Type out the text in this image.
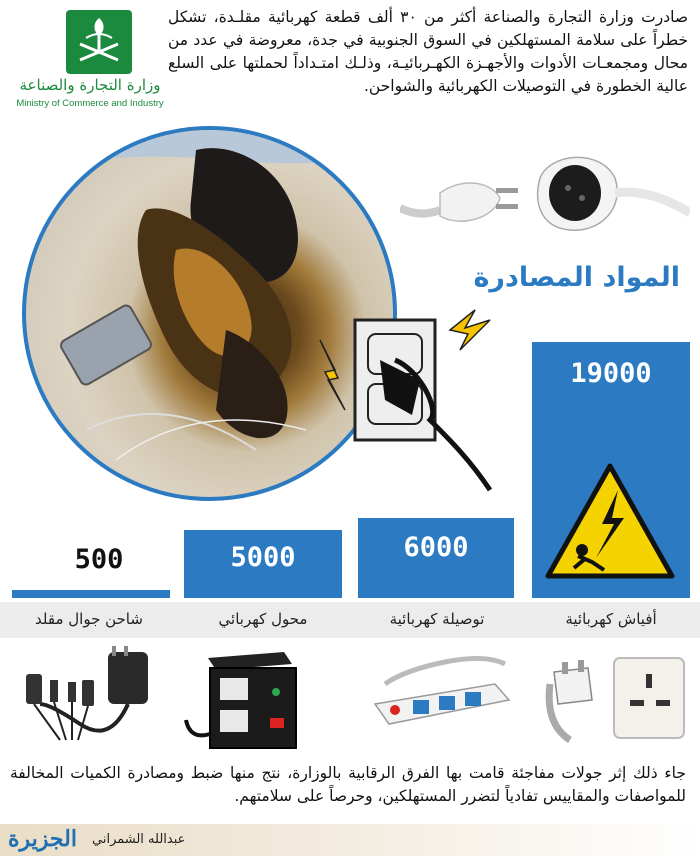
وزارة التجارة والصناعة
Ministry of Commerce and Industry
صادرت وزارة التجارة والصناعة أكثر من ٣٠ ألف قطعة كهربائية مقلـدة، تشكل خطراً على سلامة المستهلكين في السوق الجنوبية في جدة، معروضة في عدد من محال ومجمعـات الأدوات والأجهـزة الكهـربائيـة، وذلـك امتـداداً لحملتها على السلع عالية الخطورة في التوصيلات الكهربائية والشواحن.
المواد المصادرة
19000
6000
5000
500
أفياش كهربائية
توصيلة كهربائية
محول كهربائي
شاحن جوال مقلد
جاء ذلك إثر جولات مفاجئة قامت بها الفرق الرقابية بالوزارة، نتج منها ضبط ومصادرة الكميات المخالفة للمواصفات والمقاييس تفادياً لتضرر المستهلكين، وحرصاً على سلامتهم.
الجزيرة عبدالله الشمراني
